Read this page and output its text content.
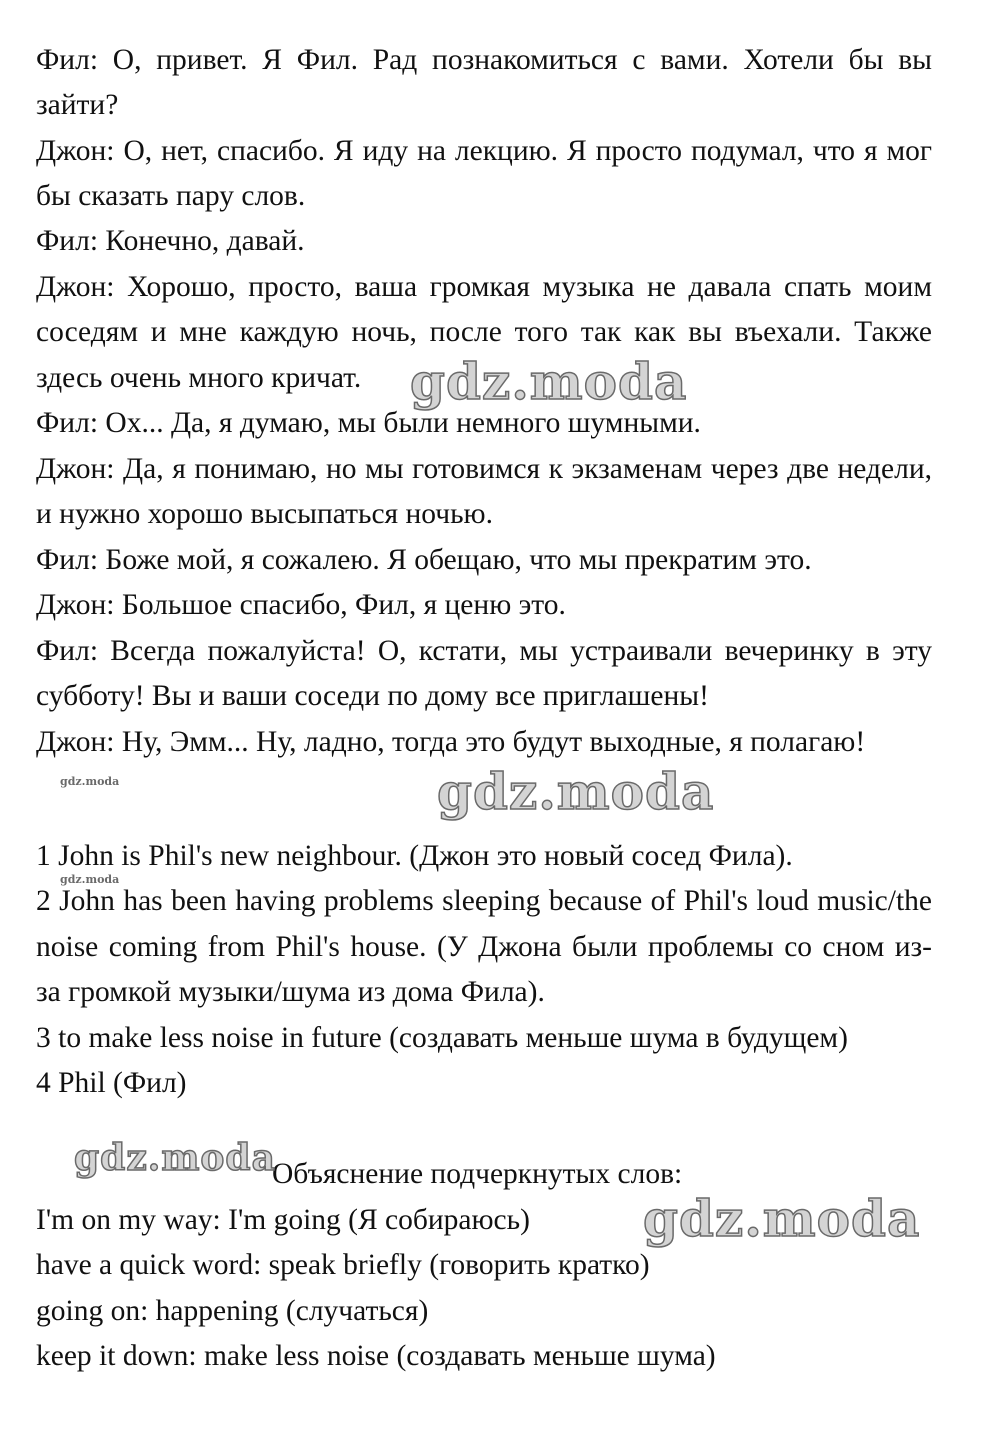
Фил: О, привет. Я Фил. Рад познакомиться с вами. Хотели бы вы
зайти?
Джон: О, нет, спасибо. Я иду на лекцию. Я просто подумал, что я мог
бы сказать пару слов.
Фил: Конечно, давай.
Джон: Хорошо, просто, ваша громкая музыка не давала спать моим
соседям и мне каждую ночь, после того так как вы въехали. Также
здесь очень много кричат.
Фил: Ох... Да, я думаю, мы были немного шумными.
Джон: Да, я понимаю, но мы готовимся к экзаменам через две недели,
и нужно хорошо высыпаться ночью.
Фил: Боже мой, я сожалею. Я обещаю, что мы прекратим это.
Джон: Большое спасибо, Фил, я ценю это.
Фил: Всегда пожалуйста! О, кстати, мы устраивали вечеринку в эту
субботу! Вы и ваши соседи по дому все приглашены!
Джон: Ну, Эмм... Ну, ладно, тогда это будут выходные, я полагаю!
1 John is Phil's new neighbour. (Джон это новый сосед Фила).
2 John has been having problems sleeping because of Phil's loud music/the
noise coming from Phil's house. (У Джона были проблемы со сном из-
за громкой музыки/шума из дома Фила).
3 to make less noise in future (создавать меньше шума в будущем)
4 Phil (Фил)
Объяснение подчеркнутых слов:
I'm on my way: I'm going (Я собираюсь)
have a quick word: speak briefly (говорить кратко)
going on: happening (случаться)
keep it down: make less noise (создавать меньше шума)
gdz.moda
gdz.moda	gdz.moda
gdz.moda
gdz.moda
gdz.moda
